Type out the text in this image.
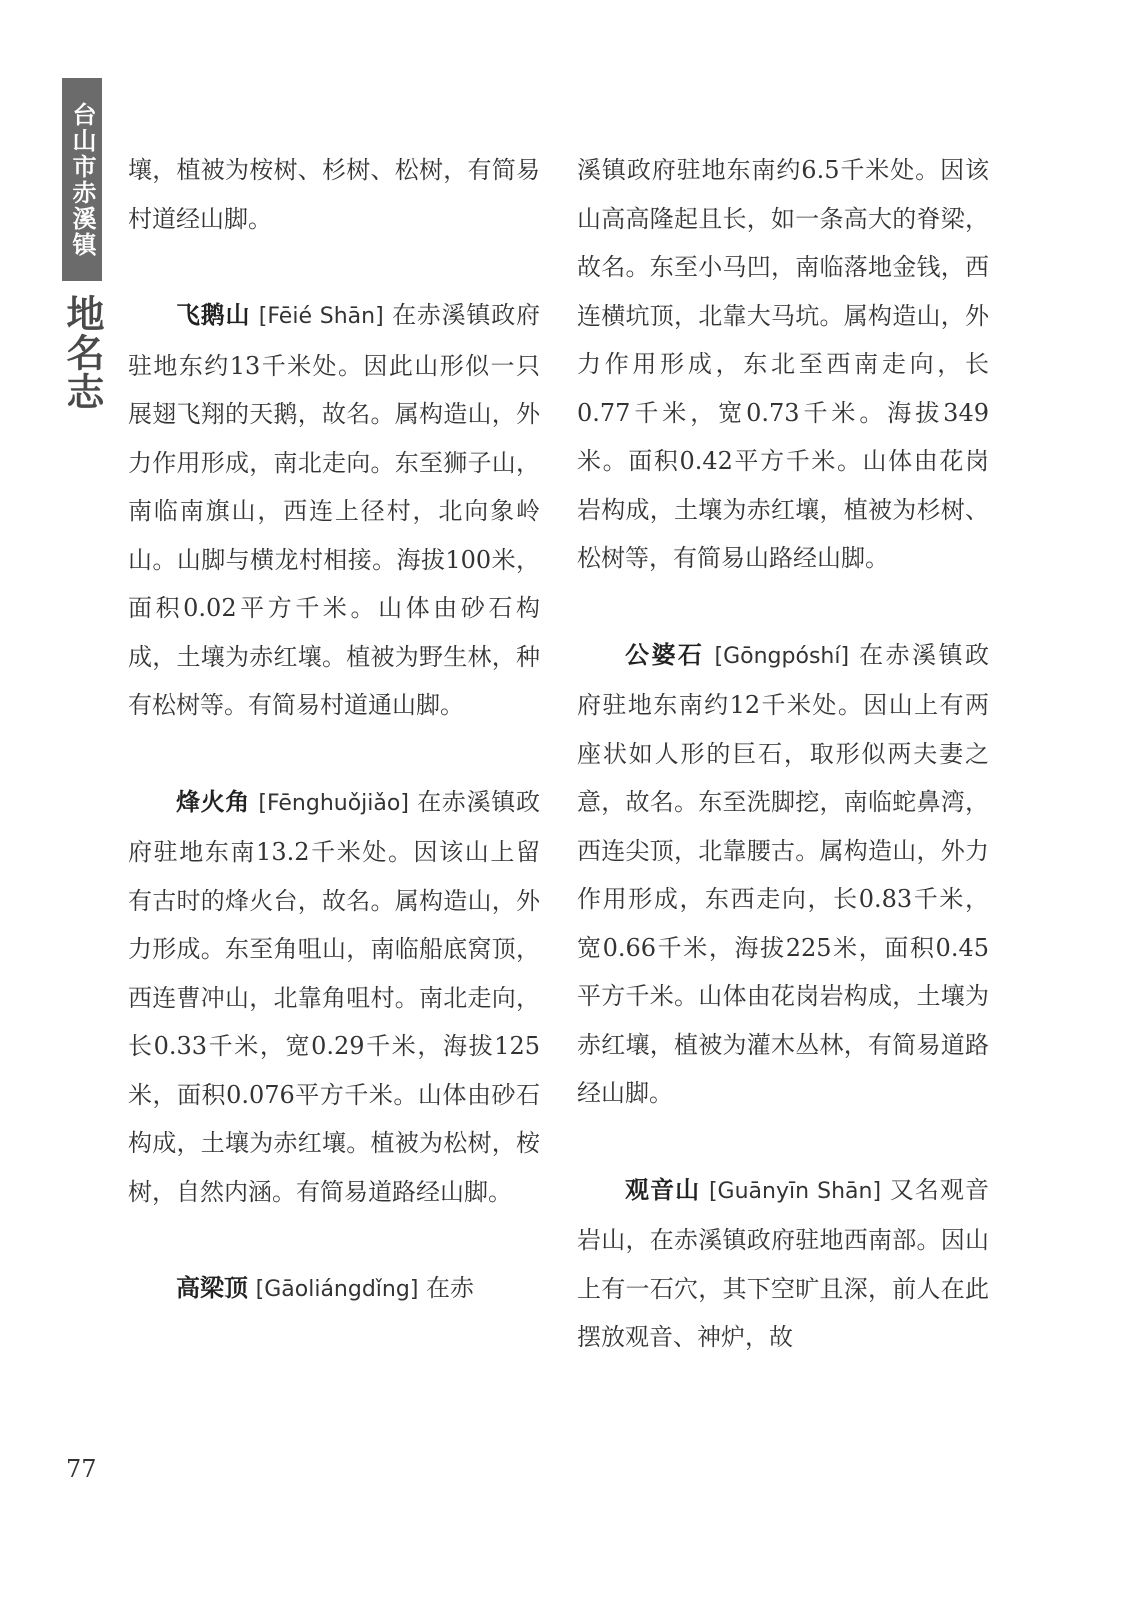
台山市赤溪镇
地名志

壤，植被为桉树、杉树、松树，有简易村道经山脚。

飞鹅山 [Fēié Shān] 在赤溪镇政府驻地东约13千米处。因此山形似一只展翅飞翔的天鹅，故名。属构造山，外力作用形成，南北走向。东至狮子山，南临南旗山，西连上径村，北向象岭山。山脚与横龙村相接。海拔100米，面积0.02平方千米。山体由砂石构成，土壤为赤红壤。植被为野生林，种有松树等。有简易村道通山脚。

烽火角 [Fēnghuǒjiǎo] 在赤溪镇政府驻地东南13.2千米处。因该山上留有古时的烽火台，故名。属构造山，外力形成。东至角咀山，南临船底窝顶，西连曹冲山，北靠角咀村。南北走向，长0.33千米，宽0.29千米，海拔125米，面积0.076平方千米。山体由砂石构成，土壤为赤红壤。植被为松树，桉树，自然内涵。有简易道路经山脚。

高梁顶 [Gāoliángdǐng] 在赤

溪镇政府驻地东南约6.5千米处。因该山高高隆起且长，如一条高大的脊梁，故名。东至小马凹，南临落地金钱，西连横坑顶，北靠大马坑。属构造山，外力作用形成，东北至西南走向，长0.77千米，宽0.73千米。海拔349米。面积0.42平方千米。山体由花岗岩构成，土壤为赤红壤，植被为杉树、松树等，有简易山路经山脚。

公婆石 [Gōngpóshí] 在赤溪镇政府驻地东南约12千米处。因山上有两座状如人形的巨石，取形似两夫妻之意，故名。东至洗脚挖，南临蛇鼻湾，西连尖顶，北靠腰古。属构造山，外力作用形成，东西走向，长0.83千米，宽0.66千米，海拔225米，面积0.45平方千米。山体由花岗岩构成，土壤为赤红壤，植被为灌木丛林，有简易道路经山脚。

观音山 [Guānyīn Shān] 又名观音岩山，在赤溪镇政府驻地西南部。因山上有一石穴，其下空旷且深，前人在此摆放观音、神炉，故

77
